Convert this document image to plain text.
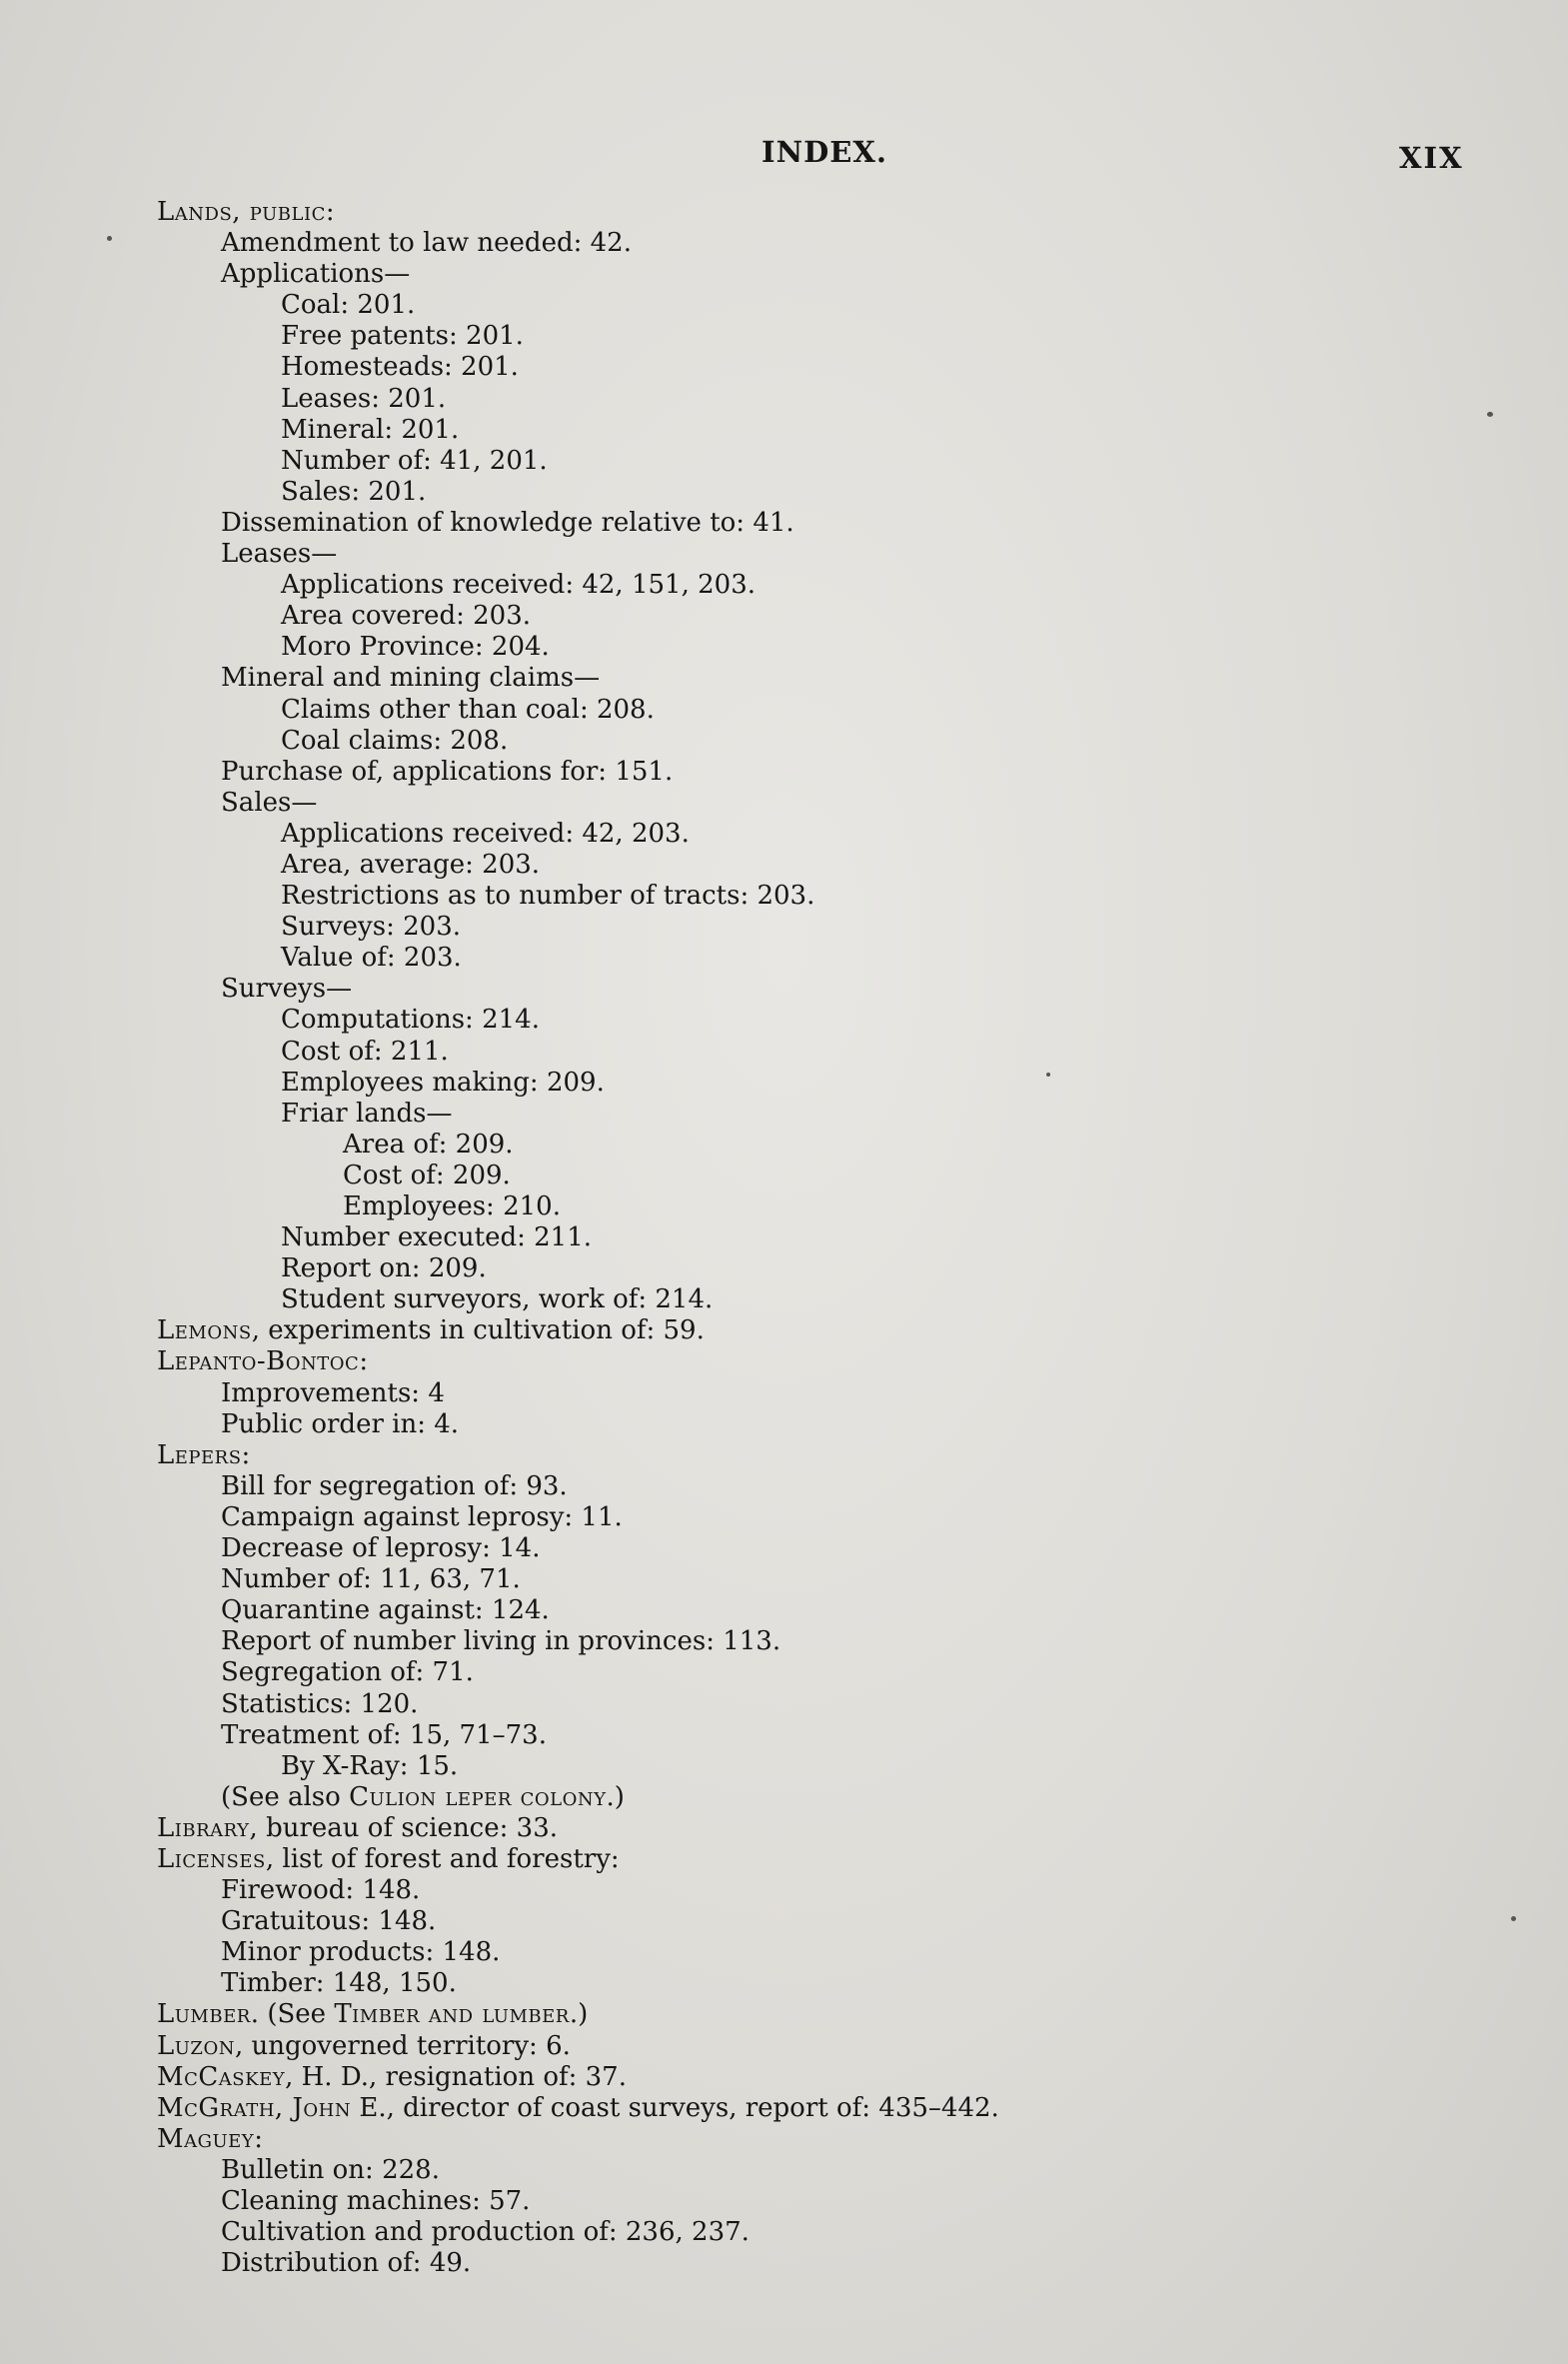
INDEX.	XIX
Lands, public:
Amendment to law needed: 42.
Applications—
Coal: 201.
Free patents: 201.
Homesteads: 201.
Leases: 201.
Mineral: 201.
Number of: 41, 201.
Sales: 201.
Dissemination of knowledge relative to: 41.
Leases—
Applications received: 42, 151, 203.
Area covered: 203.
Moro Province: 204.
Mineral and mining claims—
Claims other than coal: 208.
Coal claims: 208.
Purchase of, applications for: 151.
Sales—
Applications received: 42, 203.
Area, average: 203.
Restrictions as to number of tracts: 203.
Surveys: 203.
Value of: 203.
Surveys—
Computations: 214.
Cost of: 211.
Employees making: 209.
Friar lands—
Area of: 209.
Cost of: 209.
Employees: 210.
Number executed: 211.
Report on: 209.
Student surveyors, work of: 214.
Lemons, experiments in cultivation of: 59.
Lepanto-Bontoc:
Improvements: 4
Public order in: 4.
Lepers:
Bill for segregation of: 93.
Campaign against leprosy: 11.
Decrease of leprosy: 14.
Number of: 11, 63, 71.
Quarantine against: 124.
Report of number living in provinces: 113.
Segregation of: 71.
Statistics: 120.
Treatment of: 15, 71–73.
By X-Ray: 15.
(See also Culion leper colony.)
Library, bureau of science: 33.
Licenses, list of forest and forestry:
Firewood: 148.
Gratuitous: 148.
Minor products: 148.
Timber: 148, 150.
Lumber. (See Timber and lumber.)
Luzon, ungoverned territory: 6.
McCaskey, H. D., resignation of: 37.
McGrath, John E., director of coast surveys, report of: 435–442.
Maguey:
Bulletin on: 228.
Cleaning machines: 57.
Cultivation and production of: 236, 237.
Distribution of: 49.
